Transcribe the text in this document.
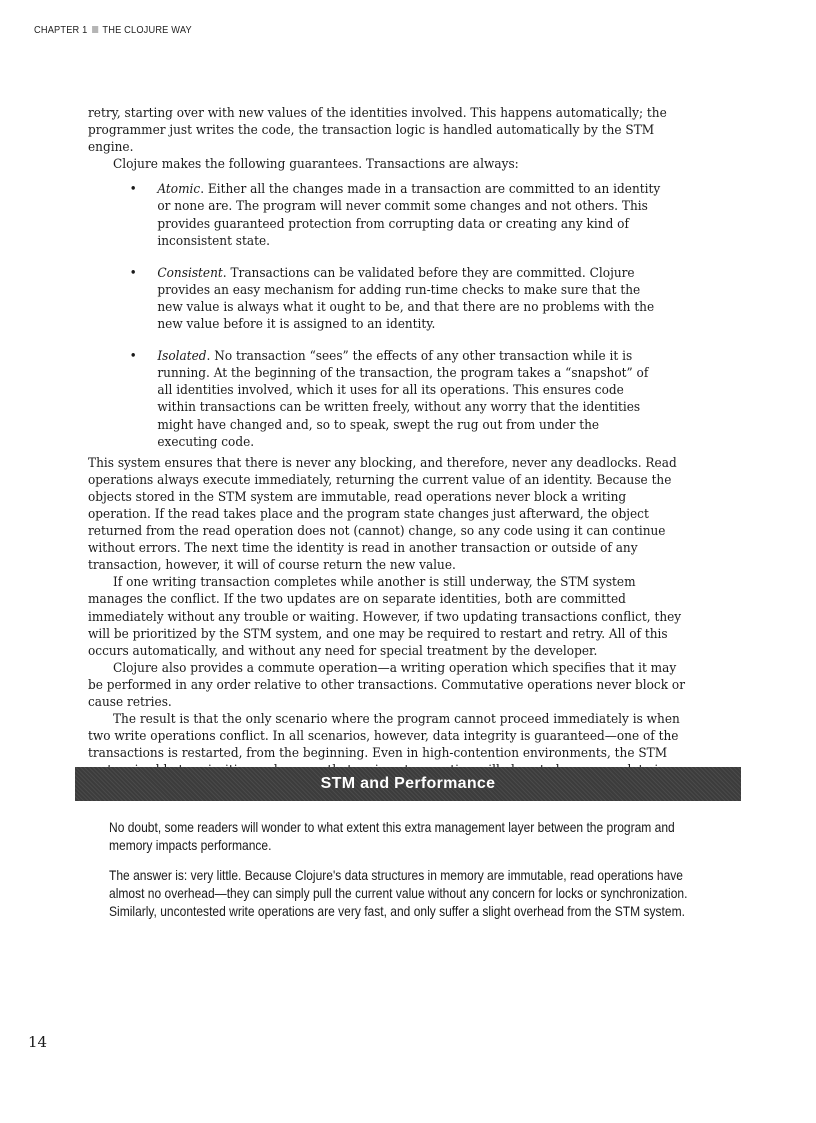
CHAPTER 1 THE CLOJURE WAY

retry, starting over with new values of the identities involved. This happens automatically; the programmer just writes the code, the transaction logic is handled automatically by the STM engine.

Clojure makes the following guarantees. Transactions are always:

• Atomic. Either all the changes made in a transaction are committed to an identity or none are. The program will never commit some changes and not others. This provides guaranteed protection from corrupting data or creating any kind of inconsistent state.
• Consistent. Transactions can be validated before they are committed. Clojure provides an easy mechanism for adding run-time checks to make sure that the new value is always what it ought to be, and that there are no problems with the new value before it is assigned to an identity.
• Isolated. No transaction “sees” the effects of any other transaction while it is running. At the beginning of the transaction, the program takes a “snapshot” of all identities involved, which it uses for all its operations. This ensures code within transactions can be written freely, without any worry that the identities might have changed and, so to speak, swept the rug out from under the executing code.

This system ensures that there is never any blocking, and therefore, never any deadlocks. Read operations always execute immediately, returning the current value of an identity. Because the objects stored in the STM system are immutable, read operations never block a writing operation. If the read takes place and the program state changes just afterward, the object returned from the read operation does not (cannot) change, so any code using it can continue without errors. The next time the identity is read in another transaction or outside of any transaction, however, it will of course return the new value.

If one writing transaction completes while another is still underway, the STM system manages the conflict. If the two updates are on separate identities, both are committed immediately without any trouble or waiting. However, if two updating transactions conflict, they will be prioritized by the STM system, and one may be required to restart and retry. All of this occurs automatically, and without any need for special treatment by the developer.

Clojure also provides a commute operation—a writing operation which specifies that it may be performed in any order relative to other transactions. Commutative operations never block or cause retries.

The result is that the only scenario where the program cannot proceed immediately is when two write operations conflict. In all scenarios, however, data integrity is guaranteed—one of the transactions is restarted, from the beginning. Even in high-contention environments, the STM

STM and Performance

No doubt, some readers will wonder to what extent this extra management layer between the program and memory impacts performance.

The answer is: very little. Because Clojure's data structures in memory are immutable, read operations have almost no overhead—they can simply pull the current value without any concern for locks or synchronization. Similarly, uncontested write operations are very fast, and only suffer a slight overhead from the STM system.

14
